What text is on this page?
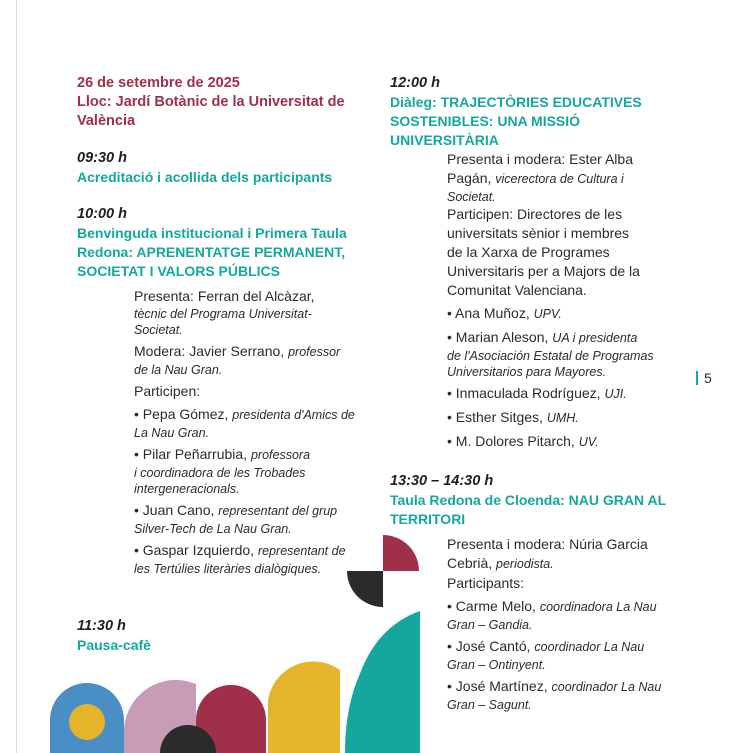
26 de setembre de 2025
Lloc: Jardí Botànic de la Universitat de
València
09:30 h
Acreditació i acollida dels participants
10:00 h
Benvinguda institucional i Primera Taula
Redona: APRENENTATGE PERMANENT,
SOCIETAT I VALORS PÚBLICS
Presenta: Ferran del Alcàzar,
tècnic del Programa Universitat-
Societat.
Modera: Javier Serrano, professor
de la Nau Gran.
Participen:
• Pepa Gómez, presidenta d'Amics de
La Nau Gran.
• Pilar Peñarrubia, professora
i coordinadora de les Trobades
intergeneracionals.
• Juan Cano, representant del grup
Silver-Tech de La Nau Gran.
• Gaspar Izquierdo, representant de
les Tertúlies literàries dialògiques.
11:30 h
Pausa-cafè
12:00 h
Diàleg: TRAJECTÒRIES EDUCATIVES
SOSTENIBLES: UNA MISSIÓ
UNIVERSITÀRIA
Presenta i modera: Ester Alba
Pagán, vicerectora de Cultura i
Societat.
Participen: Directores de les
universitats sènior i membres
de la Xarxa de Programes
Universitaris per a Majors de la
Comunitat Valenciana.
• Ana Muñoz, UPV.
• Marian Aleson, UA i presidenta
de l'Asociación Estatal de Programas
Universitarios para Mayores.
• Inmaculada Rodríguez, UJI.
• Esther Sitges, UMH.
• M. Dolores Pitarch, UV.
13:30 – 14:30 h
Taula Redona de Cloenda: NAU GRAN AL
TERRITORI
Presenta i modera: Núria Garcia
Cebrià, periodista.
Participants:
• Carme Melo, coordinadora La Nau
Gran – Gandia.
• José Cantó, coordinador La Nau
Gran – Ontinyent.
• José Martínez, coordinador La Nau
Gran – Sagunt.
5
